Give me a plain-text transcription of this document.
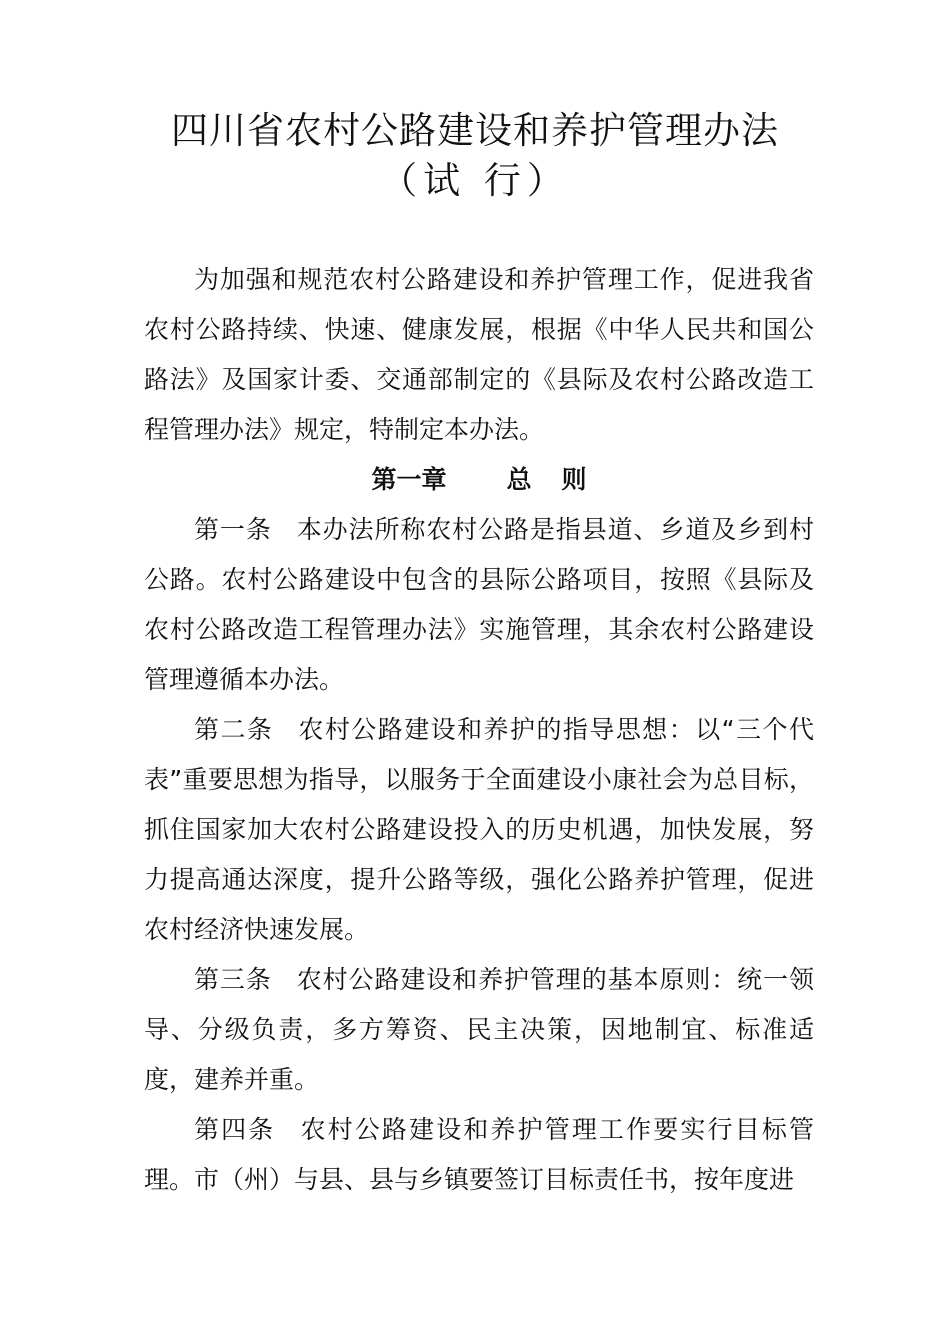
四川省农村公路建设和养护管理办法
（试 行）

为加强和规范农村公路建设和养护管理工作，促进我省农村公路持续、快速、健康发展，根据《中华人民共和国公路法》及国家计委、交通部制定的《县际及农村公路改造工程管理办法》规定，特制定本办法。

第一章 总 则

第一条 本办法所称农村公路是指县道、乡道及乡到村公路。农村公路建设中包含的县际公路项目，按照《县际及农村公路改造工程管理办法》实施管理，其余农村公路建设管理遵循本办法。

第二条 农村公路建设和养护的指导思想：以“三个代表”重要思想为指导，以服务于全面建设小康社会为总目标，抓住国家加大农村公路建设投入的历史机遇，加快发展，努力提高通达深度，提升公路等级，强化公路养护管理，促进农村经济快速发展。

第三条 农村公路建设和养护管理的基本原则：统一领导、分级负责，多方筹资、民主决策，因地制宜、标准适度，建养并重。

第四条 农村公路建设和养护管理工作要实行目标管理。市（州）与县、县与乡镇要签订目标责任书，按年度进
